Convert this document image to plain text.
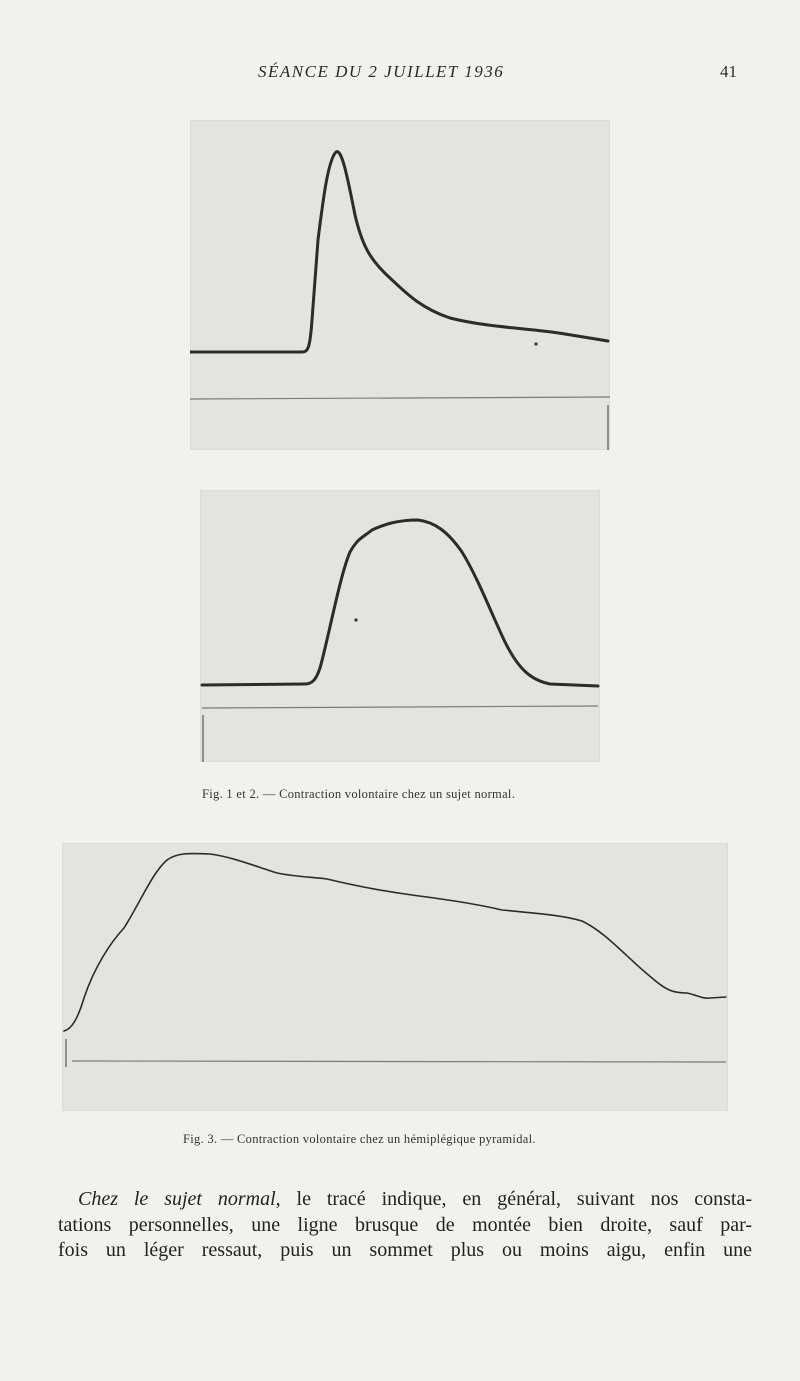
SÉANCE DU 2 JUILLET 1936	41
Fig. 1 et 2. — Contraction volontaire chez un sujet normal.
Fig. 3. — Contraction volontaire chez un hémiplégique pyramidal.
Chez le sujet normal, le tracé indique, en général, suivant nos consta-
tations personnelles, une ligne brusque de montée bien droite, sauf par-
fois un léger ressaut, puis un sommet plus ou moins aigu, enfin une
